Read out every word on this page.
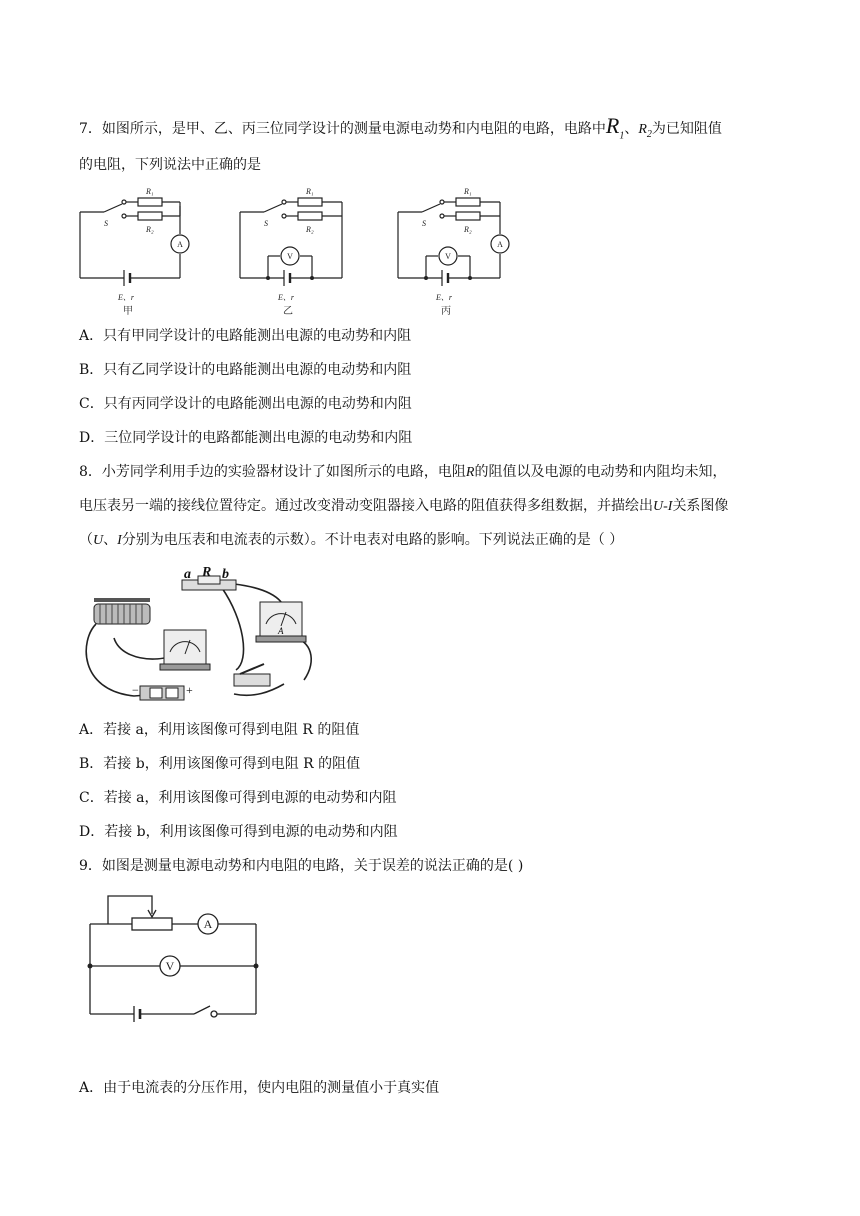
7．如图所示，是甲、乙、丙三位同学设计的测量电源电动势和内电阻的电路，电路中$R_1$、$R_2$为已知阻值
的电阻，下列说法中正确的是
R₁
R₂
S
R₁
R₂
S
R₁
R₂
S
E、r	E、r	E、r
A
V	V
A
甲	乙	丙
A．只有甲同学设计的电路能测出电源的电动势和内阻
B．只有乙同学设计的电路能测出电源的电动势和内阻
C．只有丙同学设计的电路能测出电源的电动势和内阻
D．三位同学设计的电路都能测出电源的电动势和内阻
8．小芳同学利用手边的实验器材设计了如图所示的电路，电阻R的阻值以及电源的电动势和内阻均未知，
电压表另一端的接线位置待定。通过改变滑动变阻器接入电路的阻值获得多组数据，并描绘出U-I关系图像
（U、I分别为电压表和电流表的示数）。不计电表对电路的影响。下列说法正确的是（ ）
a R b
−	+
A
A．若接 a，利用该图像可得到电阻 R 的阻值
B．若接 b，利用该图像可得到电阻 R 的阻值
C．若接 a，利用该图像可得到电源的电动势和内阻
D．若接 b，利用该图像可得到电源的电动势和内阻
9．如图是测量电源电动势和内电阻的电路，关于误差的说法正确的是( )
A
V
A．由于电流表的分压作用，使内电阻的测量值小于真实值
